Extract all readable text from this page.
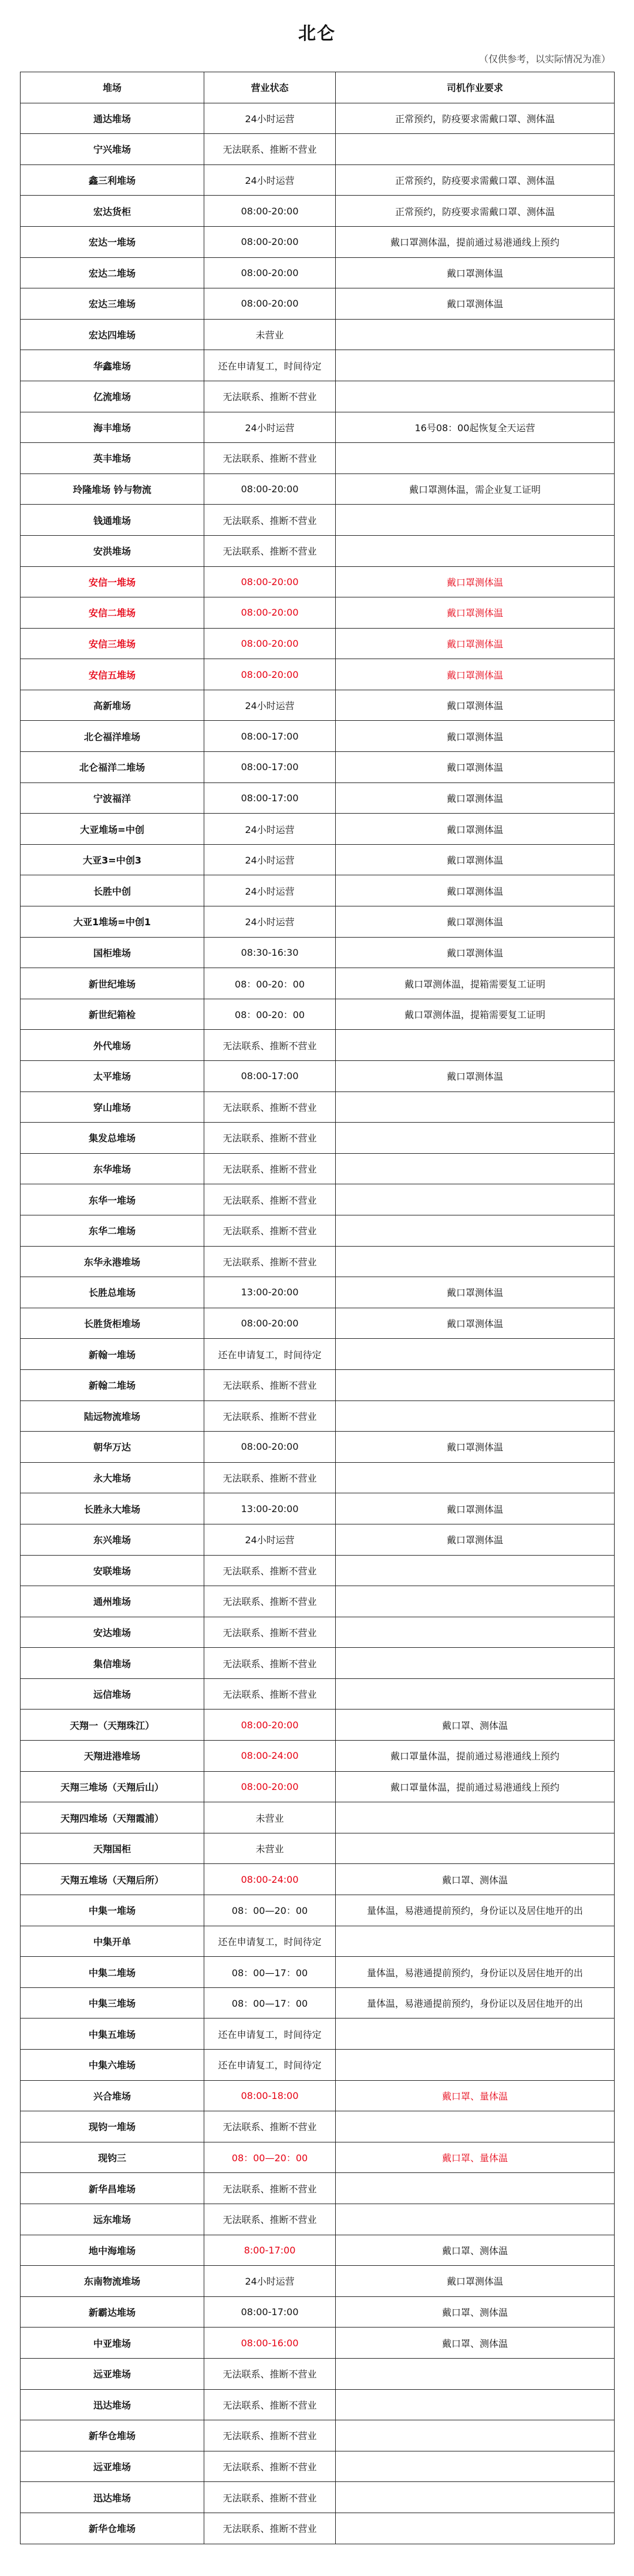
北仑
（仅供参考，以实际情况为准）
堆场	营业状态	司机作业要求
通达堆场	24小时运营	正常预约，防疫要求需戴口罩、测体温
宁兴堆场	无法联系、推断不营业	
鑫三利堆场	24小时运营	正常预约，防疫要求需戴口罩、测体温
宏达货柜	08:00-20:00	正常预约，防疫要求需戴口罩、测体温
宏达一堆场	08:00-20:00	戴口罩测体温，提前通过易港通线上预约
宏达二堆场	08:00-20:00	戴口罩测体温
宏达三堆场	08:00-20:00	戴口罩测体温
宏达四堆场	未营业	
华鑫堆场	还在申请复工，时间待定	
亿流堆场	无法联系、推断不营业	
海丰堆场	24小时运营	16号08：00起恢复全天运营
英丰堆场	无法联系、推断不营业	
玲隆堆场 钤与物流	08:00-20:00	戴口罩测体温，需企业复工证明
钱通堆场	无法联系、推断不营业	
安洪堆场	无法联系、推断不营业	
安信一堆场	08:00-20:00	戴口罩测体温
安信二堆场	08:00-20:00	戴口罩测体温
安信三堆场	08:00-20:00	戴口罩测体温
安信五堆场	08:00-20:00	戴口罩测体温
高新堆场	24小时运营	戴口罩测体温
北仑福洋堆场	08:00-17:00	戴口罩测体温
北仑福洋二堆场	08:00-17:00	戴口罩测体温
宁波福洋	08:00-17:00	戴口罩测体温
大亚堆场=中创	24小时运营	戴口罩测体温
大亚3=中创3	24小时运营	戴口罩测体温
长胜中创	24小时运营	戴口罩测体温
大亚1堆场=中创1	24小时运营	戴口罩测体温
国柜堆场	08:30-16:30	戴口罩测体温
新世纪堆场	08：00-20：00	戴口罩测体温，提箱需要复工证明
新世纪箱检	08：00-20：00	戴口罩测体温，提箱需要复工证明
外代堆场	无法联系、推断不营业	
太平堆场	08:00-17:00	戴口罩测体温
穿山堆场	无法联系、推断不营业	
集发总堆场	无法联系、推断不营业	
东华堆场	无法联系、推断不营业	
东华一堆场	无法联系、推断不营业	
东华二堆场	无法联系、推断不营业	
东华永港堆场	无法联系、推断不营业	
长胜总堆场	13:00-20:00	戴口罩测体温
长胜货柜堆场	08:00-20:00	戴口罩测体温
新翰一堆场	还在申请复工，时间待定	
新翰二堆场	无法联系、推断不营业	
陆远物流堆场	无法联系、推断不营业	
朝华万达	08:00-20:00	戴口罩测体温
永大堆场	无法联系、推断不营业	
长胜永大堆场	13:00-20:00	戴口罩测体温
东兴堆场	24小时运营	戴口罩测体温
安联堆场	无法联系、推断不营业	
通州堆场	无法联系、推断不营业	
安达堆场	无法联系、推断不营业	
集信堆场	无法联系、推断不营业	
远信堆场	无法联系、推断不营业	
天翔一（天翔珠江）	08:00-20:00	戴口罩、测体温
天翔进港堆场	08:00-24:00	戴口罩量体温，提前通过易港通线上预约
天翔三堆场（天翔后山）	08:00-20:00	戴口罩量体温，提前通过易港通线上预约
天翔四堆场（天翔霞浦）	未营业	
天翔国柜	未营业	
天翔五堆场（天翔后所）	08:00-24:00	戴口罩、测体温
中集一堆场	08：00—20：00	量体温，易港通提前预约，身份证以及居住地开的出
中集开单	还在申请复工，时间待定	
中集二堆场	08：00—17：00	量体温，易港通提前预约，身份证以及居住地开的出
中集三堆场	08：00—17：00	量体温，易港通提前预约，身份证以及居住地开的出
中集五堆场	还在申请复工，时间待定	
中集六堆场	还在申请复工，时间待定	
兴合堆场	08:00-18:00	戴口罩、量体温
现钧一堆场	无法联系、推断不营业	
现钧三	08：00—20：00	戴口罩、量体温
新华昌堆场	无法联系、推断不营业	
远东堆场	无法联系、推断不营业	
地中海堆场	8:00-17:00	戴口罩、测体温
东南物流堆场	24小时运营	戴口罩测体温
新霸达堆场	08:00-17:00	戴口罩、测体温
中亚堆场	08:00-16:00	戴口罩、测体温
远亚堆场	无法联系、推断不营业	
迅达堆场	无法联系、推断不营业	
新华仓堆场	无法联系、推断不营业	
远亚堆场	无法联系、推断不营业	
迅达堆场	无法联系、推断不营业	
新华仓堆场	无法联系、推断不营业	
